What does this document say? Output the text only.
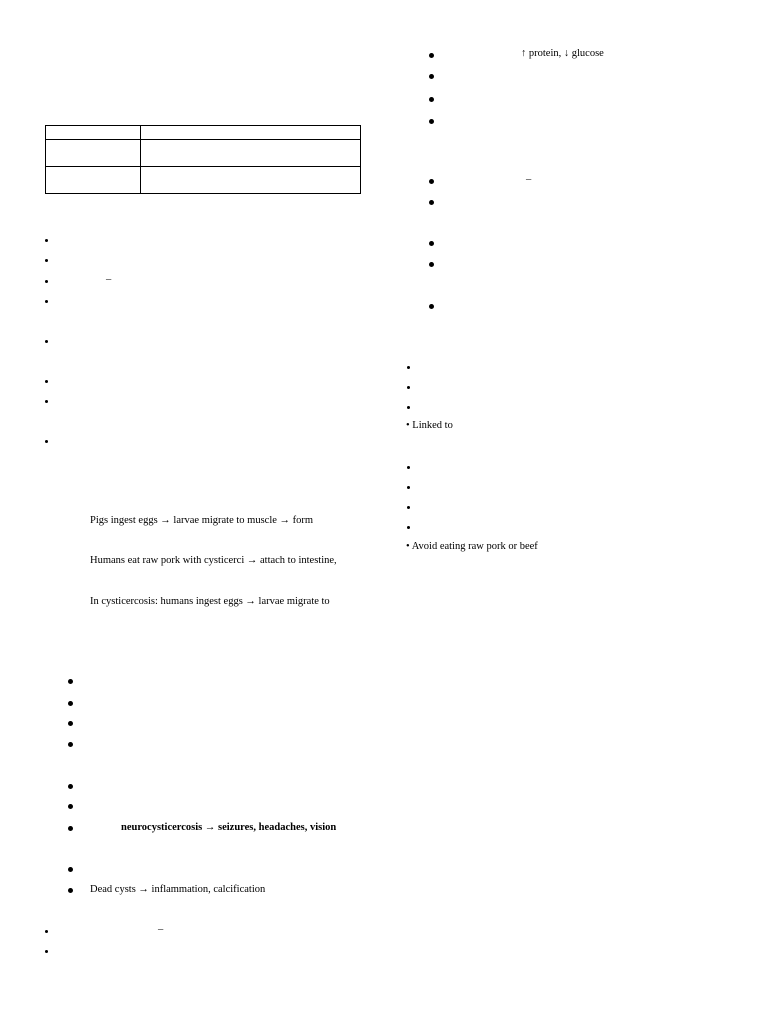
–
Pigs ingest eggs → larvae migrate to muscle → form
Humans eat raw pork with cysticerci → attach to intestine,
In cysticercosis: humans ingest eggs → larvae migrate to
neurocysticercosis → seizures, headaches, vision
Dead cysts → inflammation, calcification
–
↑ protein, ↓ glucose
–
• Linked to
• Avoid eating raw pork or beef
